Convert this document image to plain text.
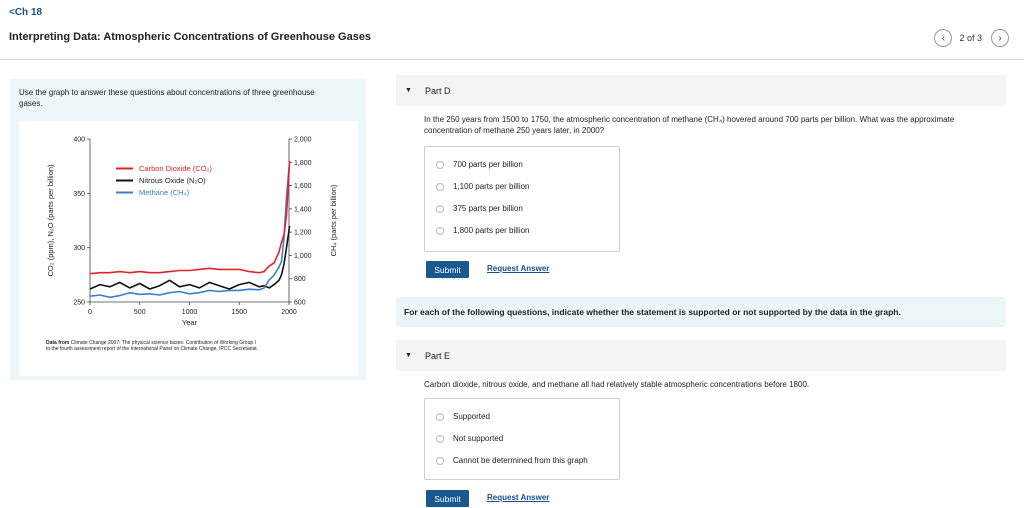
<Ch 18
Interpreting Data: Atmospheric Concentrations of Greenhouse Gases	‹ 2 of 3 ›
Use the graph to answer these questions about concentrations of three greenhouse gases.
250
300
350
400
600
800
1,000
1,200
1,400
1,600
1,800
2,000
0	500	1000	1500	2000
Year
CO₂ (ppm), N₂O (parts per billion)	CH₄ (parts per billion)
Carbon Dioxide (CO₂)
Nitrous Oxide (N₂O)
Methane (CH₄)
Data from Climate Change 2007: The physical science bases: Contribution of Working Group I
to the fourth assessment report of the International Panel on Climate Change, IPCC Secretariat.
▼ Part D
In the 250 years from 1500 to 1750, the atmospheric concentration of methane (CH₄) hovered around 700 parts per billion. What was the approximate concentration of methane 250 years later, in 2000?
700 parts per billion
1,100 parts per billion
375 parts per billion
1,800 parts per billion
Submit	Request Answer
For each of the following questions, indicate whether the statement is supported or not supported by the data in the graph.
▼ Part E
Carbon dioxide, nitrous oxide, and methane all had relatively stable atmospheric concentrations before 1800.
Supported
Not supported
Cannot be determined from this graph
Submit	Request Answer
